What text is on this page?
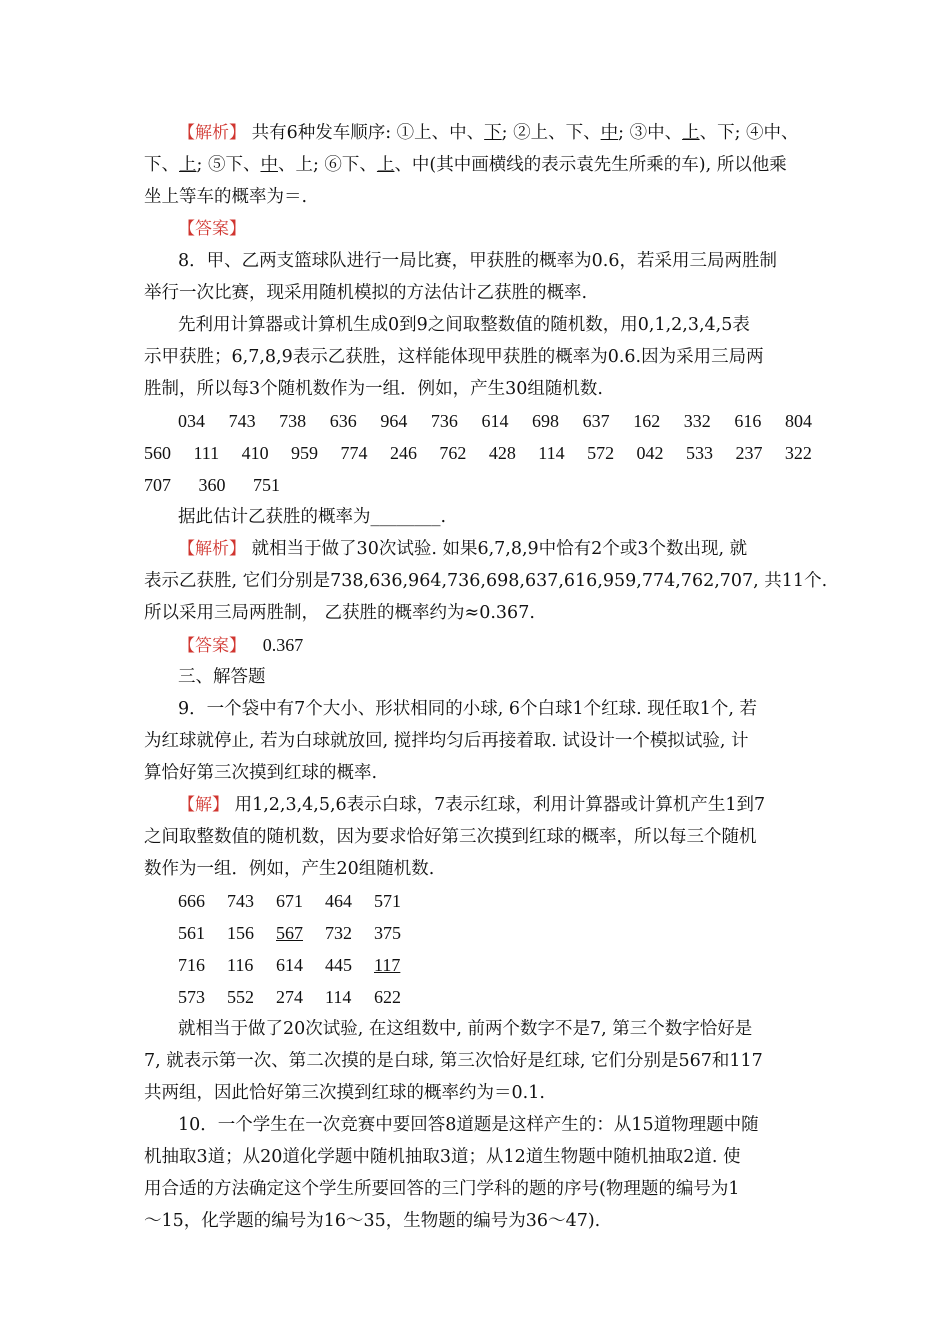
【解析】 共有6种发车顺序: ①上、中、下; ②上、下、中; ③中、上、下; ④中、
下、上; ⑤下、中、上; ⑥下、上、中(其中画横线的表示袁先生所乘的车), 所以他乘
坐上等车的概率为＝.
【答案】
8．甲、乙两支篮球队进行一局比赛，甲获胜的概率为0.6，若采用三局两胜制
举行一次比赛，现采用随机模拟的方法估计乙获胜的概率.
先利用计算器或计算机生成0到9之间取整数值的随机数，用0,1,2,3,4,5表
示甲获胜；6,7,8,9表示乙获胜，这样能体现甲获胜的概率为0.6.因为采用三局两
胜制，所以每3个随机数作为一组．例如，产生30组随机数.
034 743 738 636 964 736 614 698 637 162 332 616 804
560 111 410 959 774 246 762 428 114 572 042 533 237 322
707 360 751
据此估计乙获胜的概率为________.
【解析】 就相当于做了30次试验. 如果6,7,8,9中恰有2个或3个数出现, 就
表示乙获胜, 它们分别是738,636,964,736,698,637,616,959,774,762,707, 共11个.
所以采用三局两胜制， 乙获胜的概率约为≈0.367.
【答案】 0.367
三、解答题
9．一个袋中有7个大小、形状相同的小球, 6个白球1个红球. 现任取1个, 若
为红球就停止, 若为白球就放回, 搅拌均匀后再接着取. 试设计一个模拟试验, 计
算恰好第三次摸到红球的概率.
【解】 用1,2,3,4,5,6表示白球，7表示红球，利用计算器或计算机产生1到7
之间取整数值的随机数，因为要求恰好第三次摸到红球的概率，所以每三个随机
数作为一组．例如，产生20组随机数.
666 743 671 464 571
561 156 567 732 375
716 116 614 445 117
573 552 274 114 622
就相当于做了20次试验, 在这组数中, 前两个数字不是7, 第三个数字恰好是
7, 就表示第一次、第二次摸的是白球, 第三次恰好是红球, 它们分别是567和117
共两组，因此恰好第三次摸到红球的概率约为＝0.1.
10．一个学生在一次竞赛中要回答8道题是这样产生的：从15道物理题中随
机抽取3道；从20道化学题中随机抽取3道；从12道生物题中随机抽取2道. 使
用合适的方法确定这个学生所要回答的三门学科的题的序号(物理题的编号为1
～15，化学题的编号为16～35，生物题的编号为36～47).
